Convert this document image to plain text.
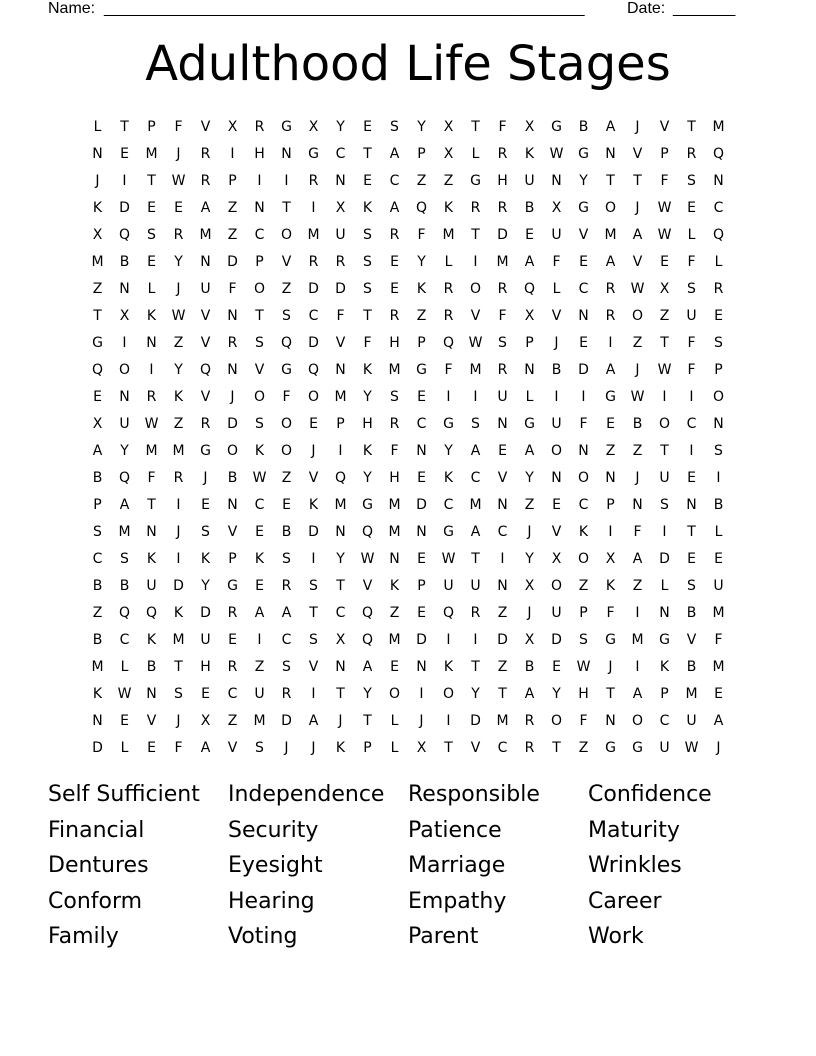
Name: ______________________________________________________	Date: _______
Adulthood Life Stages
L	T	P	F	V	X	R	G	X	Y	E	S	Y	X	T	F	X	G	B	A	J	V	T	M
N	E	M	J	R	I	H	N	G	C	T	A	P	X	L	R	K	W	G	N	V	P	R	Q
J	I	T	W	R	P	I	I	R	N	E	C	Z	Z	G	H	U	N	Y	T	T	F	S	N
K	D	E	E	A	Z	N	T	I	X	K	A	Q	K	R	R	B	X	G	O	J	W	E	C
X	Q	S	R	M	Z	C	O	M	U	S	R	F	M	T	D	E	U	V	M	A	W	L	Q
M	B	E	Y	N	D	P	V	R	R	S	E	Y	L	I	M	A	F	E	A	V	E	F	L
Z	N	L	J	U	F	O	Z	D	D	S	E	K	R	O	R	Q	L	C	R	W	X	S	R
T	X	K	W	V	N	T	S	C	F	T	R	Z	R	V	F	X	V	N	R	O	Z	U	E
G	I	N	Z	V	R	S	Q	D	V	F	H	P	Q	W	S	P	J	E	I	Z	T	F	S
Q	O	I	Y	Q	N	V	G	Q	N	K	M	G	F	M	R	N	B	D	A	J	W	F	P
E	N	R	K	V	J	O	F	O	M	Y	S	E	I	I	U	L	I	I	G	W	I	I	O
X	U	W	Z	R	D	S	O	E	P	H	R	C	G	S	N	G	U	F	E	B	O	C	N
A	Y	M	M	G	O	K	O	J	I	K	F	N	Y	A	E	A	O	N	Z	Z	T	I	S
B	Q	F	R	J	B	W	Z	V	Q	Y	H	E	K	C	V	Y	N	O	N	J	U	E	I
P	A	T	I	E	N	C	E	K	M	G	M	D	C	M	N	Z	E	C	P	N	S	N	B
S	M	N	J	S	V	E	B	D	N	Q	M	N	G	A	C	J	V	K	I	F	I	T	L
C	S	K	I	K	P	K	S	I	Y	W	N	E	W	T	I	Y	X	O	X	A	D	E	E
B	B	U	D	Y	G	E	R	S	T	V	K	P	U	U	N	X	O	Z	K	Z	L	S	U
Z	Q	Q	K	D	R	A	A	T	C	Q	Z	E	Q	R	Z	J	U	P	F	I	N	B	M
B	C	K	M	U	E	I	C	S	X	Q	M	D	I	I	D	X	D	S	G	M	G	V	F
M	L	B	T	H	R	Z	S	V	N	A	E	N	K	T	Z	B	E	W	J	I	K	B	M
K	W	N	S	E	C	U	R	I	T	Y	O	I	O	Y	T	A	Y	H	T	A	P	M	E
N	E	V	J	X	Z	M	D	A	J	T	L	J	I	D	M	R	O	F	N	O	C	U	A
D	L	E	F	A	V	S	J	J	K	P	L	X	T	V	C	R	T	Z	G	G	U	W	J
Self Sufficient	Independence	Responsible	Confidence
Financial	Security	Patience	Maturity
Dentures	Eyesight	Marriage	Wrinkles
Conform	Hearing	Empathy	Career
Family	Voting	Parent	Work
